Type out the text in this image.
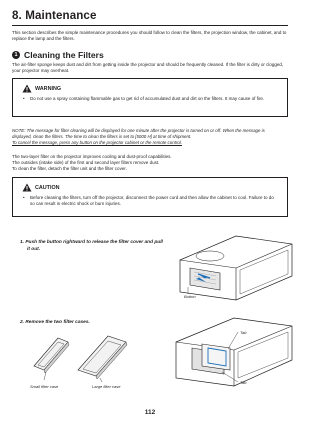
8. Maintenance
This section describes the simple maintenance procedures you should follow to clean the filters, the projection window, the cabinet, and to replace the lamp and the filters.
1 Cleaning the Filters
The air-filter sponge keeps dust and dirt from getting inside the projector and should be frequently cleaned. If the filter is dirty or clogged, your projector may overheat.
WARNING
• Do not use a spray containing flammable gas to get rid of accumulated dust and dirt on the filters. It may cause of fire.
NOTE: The message for filter cleaning will be displayed for one minute after the projector is turned on or off. When the message is
displayed, clean the filters. The time to clean the filters is set to [5000 H] at time of shipment.
To cancel the message, press any button on the projector cabinet or the remote control.
The two-layer filter on the projector improves cooling and dust-proof capabilities.
The outsides (intake side) of the first and second layer filters remove dust.
To clean the filter, detach the filter unit and the filter cover.
CAUTION
• Before cleaning the filters, turn off the projector, disconnect the power cord and then allow the cabinet to cool. Failure to do so can result in electric shock or burn injuries.
1. Push the button rightward to release the filter cover and pull
it out.
Button
2. Remove the two filter cases.
Small filter case	Large filter case
Tab
Tab
112
